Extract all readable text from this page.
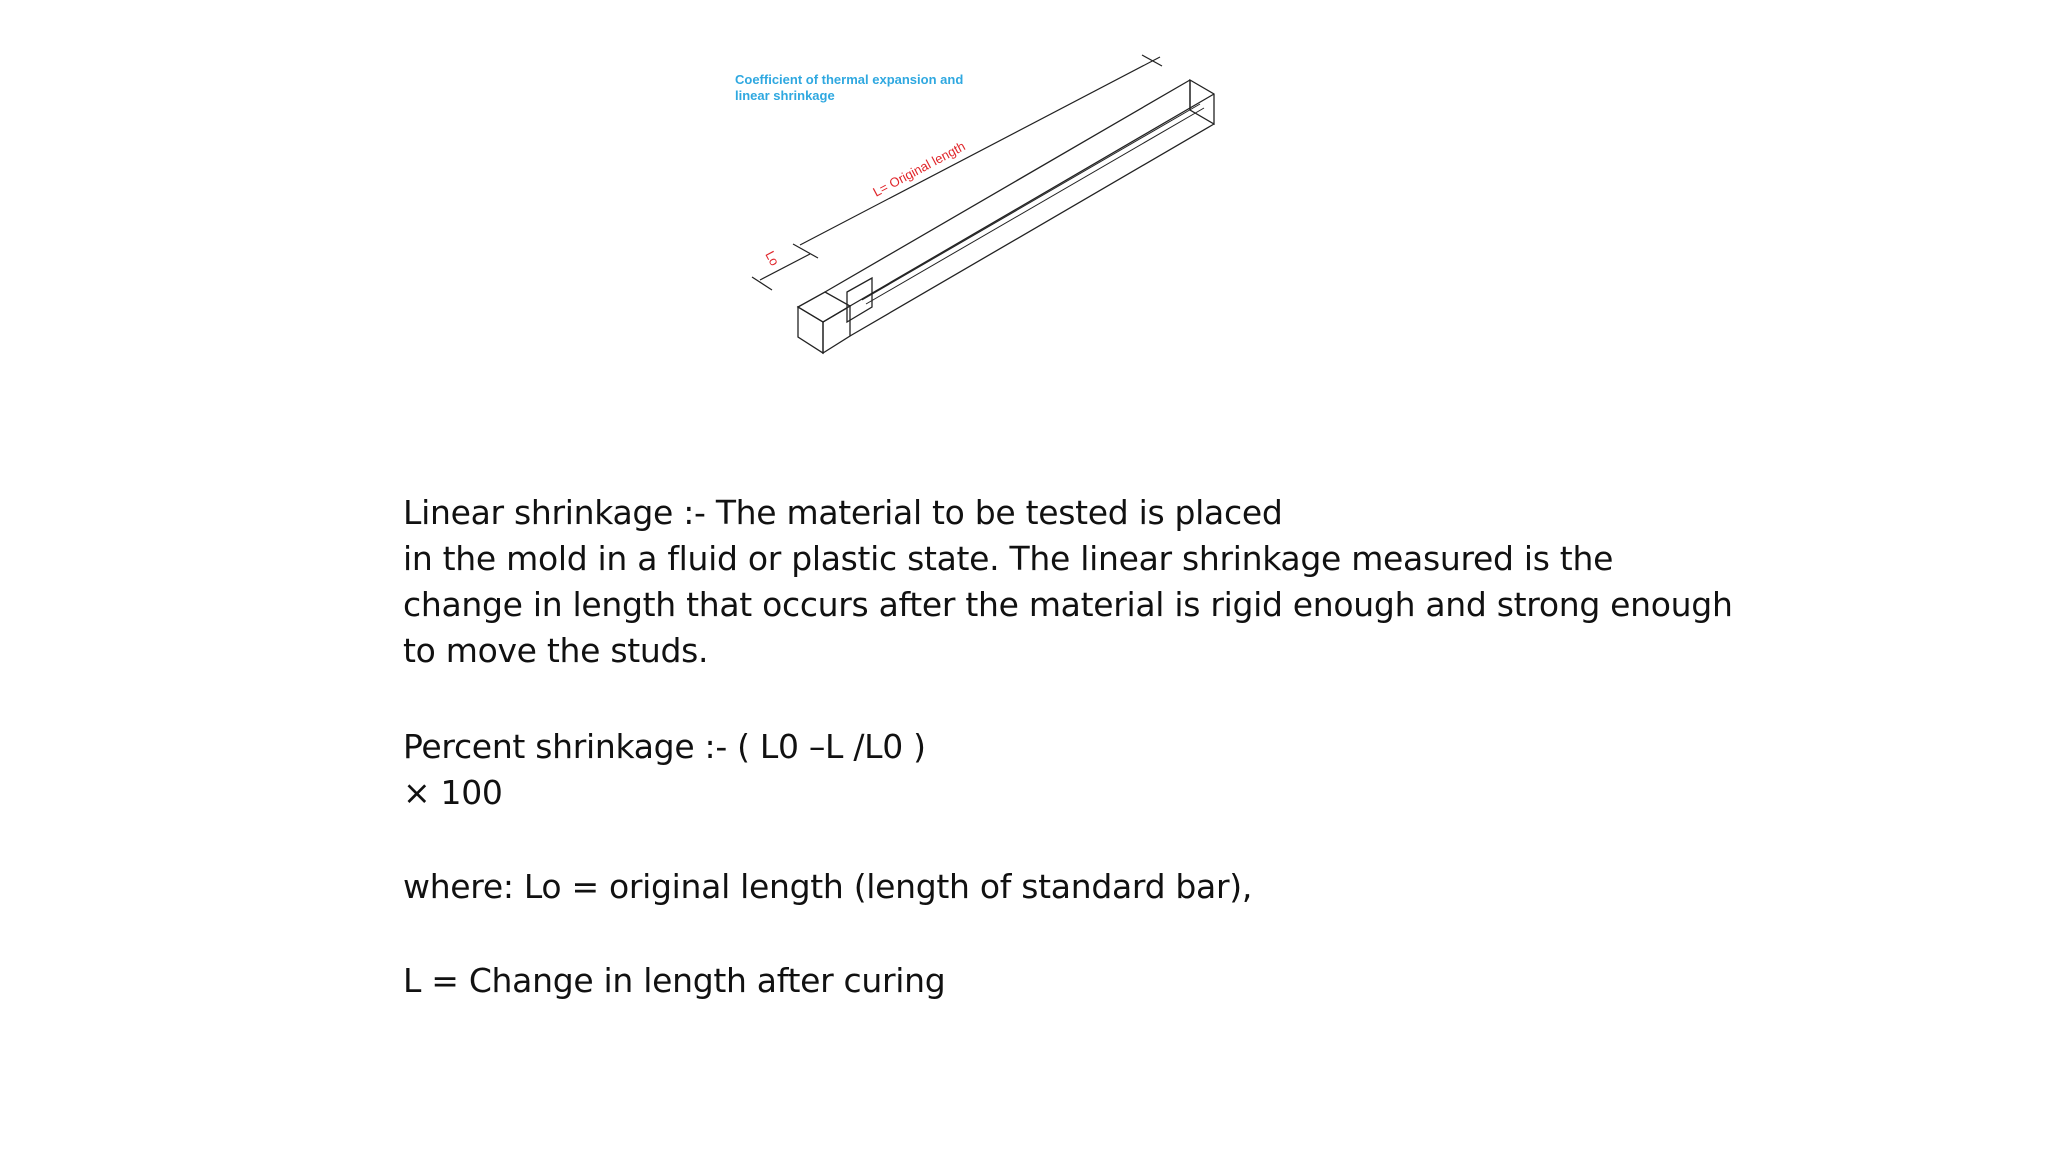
Coefficient of thermal expansion and
linear shrinkage
L= Original length
Lo

Linear shrinkage :- The material to be tested is placed
in the mold in a fluid or plastic state. The linear shrinkage measured is the
change in length that occurs after the material is rigid enough and strong enough
to move the studs.

Percent shrinkage :- ( L0 –L /L0 )
× 100

where: Lo = original length (length of standard bar),

L = Change in length after curing
